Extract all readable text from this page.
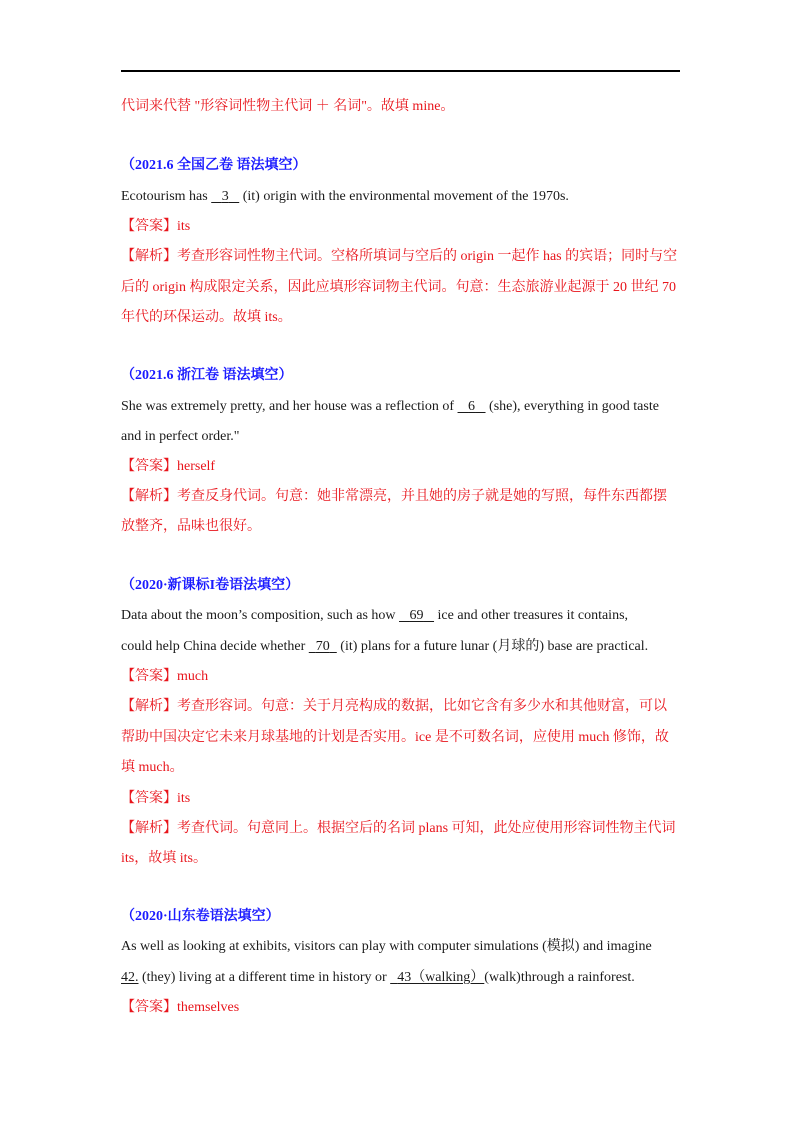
代词来代替 "形容词性物主代词 ＋ 名词"。故填 mine。
（2021.6 全国乙卷 语法填空）
Ecotourism has    3    (it) origin with the environmental movement of the 1970s.
【答案】its
【解析】考查形容词性物主代词。空格所填词与空后的 origin 一起作 has 的宾语；同时与空
后的 origin 构成限定关系，因此应填形容词物主代词。句意：生态旅游业起源于 20 世纪 70
年代的环保运动。故填 its。
（2021.6 浙江卷 语法填空）
She was extremely pretty, and her house was a reflection of    6    (she), everything in good taste
and in perfect order."
【答案】herself
【解析】考查反身代词。句意：她非常漂亮，并且她的房子就是她的写照，每件东西都摆
放整齐，品味也很好。
（2020·新课标I卷语法填空）
Data about the moon’s composition, such as how    69    ice and other treasures it contains,
could help China decide whether   70   (it) plans for a future lunar (月球的) base are practical.
【答案】much
【解析】考查形容词。句意：关于月亮构成的数据，比如它含有多少水和其他财富，可以
帮助中国决定它未来月球基地的计划是否实用。ice 是不可数名词，应使用 much 修饰，故
填 much。
【答案】its
【解析】考查代词。句意同上。根据空后的名词 plans 可知，此处应使用形容词性物主代词
its，故填 its。
（2020·山东卷语法填空）
As well as looking at exhibits, visitors can play with computer simulations (模拟) and imagine
42. (they) living at a different time in history or   43（walking）(walk)through a rainforest.
【答案】themselves
